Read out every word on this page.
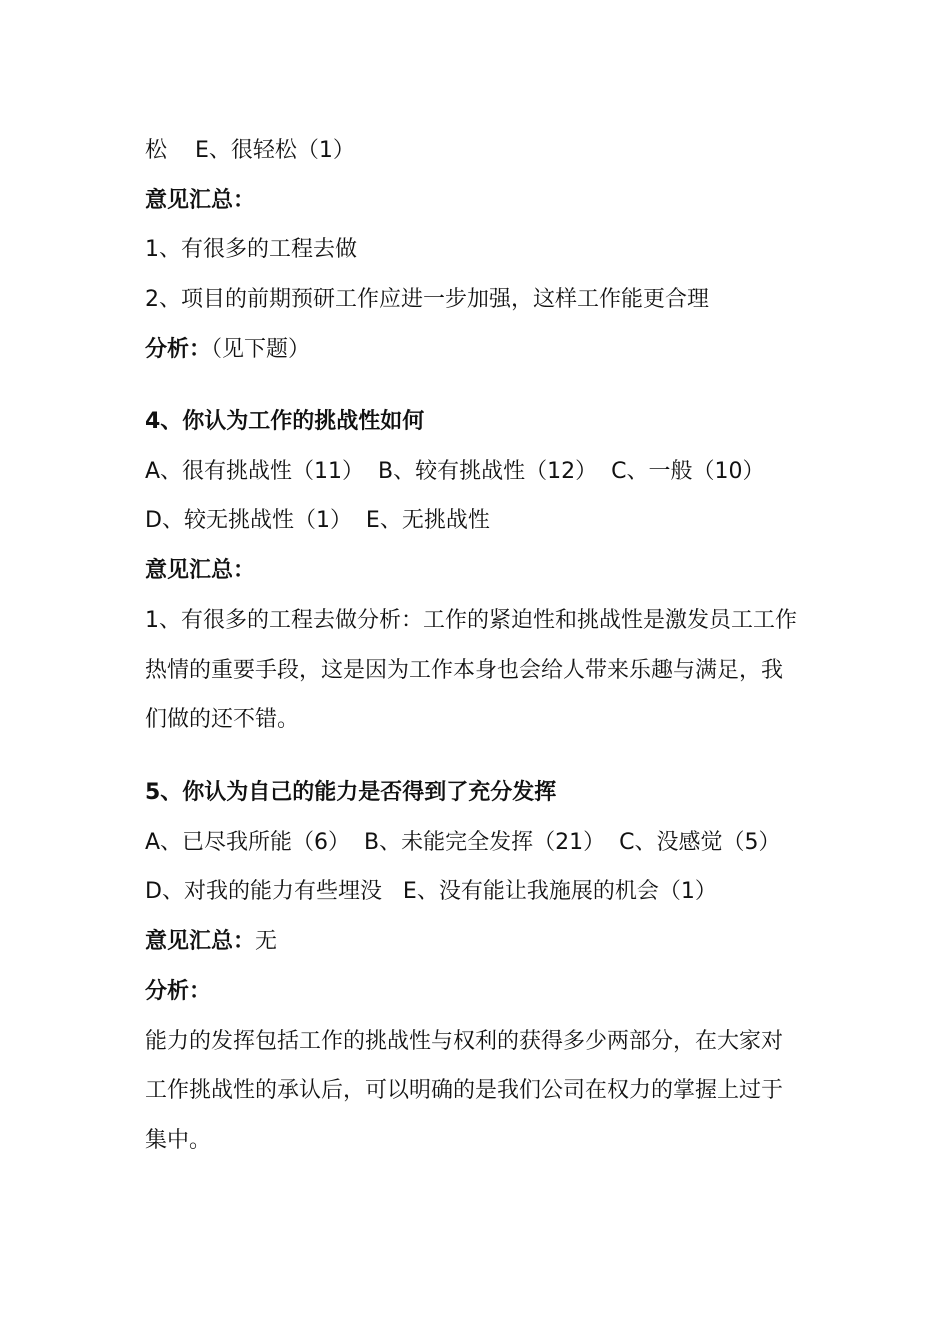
松    E、很轻松（1）
意见汇总：
1、有很多的工程去做
2、项目的前期预研工作应进一步加强，这样工作能更合理
分析：（见下题）
4、你认为工作的挑战性如何
A、很有挑战性（11）  B、较有挑战性（12）  C、一般（10）
D、较无挑战性（1）  E、无挑战性
意见汇总：
1、有很多的工程去做分析：工作的紧迫性和挑战性是激发员工工作
热情的重要手段，这是因为工作本身也会给人带来乐趣与满足，我
们做的还不错。
5、你认为自己的能力是否得到了充分发挥
A、已尽我所能（6）  B、未能完全发挥（21）  C、没感觉（5）
D、对我的能力有些埋没   E、没有能让我施展的机会（1）
意见汇总：无
分析：
能力的发挥包括工作的挑战性与权利的获得多少两部分，在大家对
工作挑战性的承认后，可以明确的是我们公司在权力的掌握上过于
集中。
